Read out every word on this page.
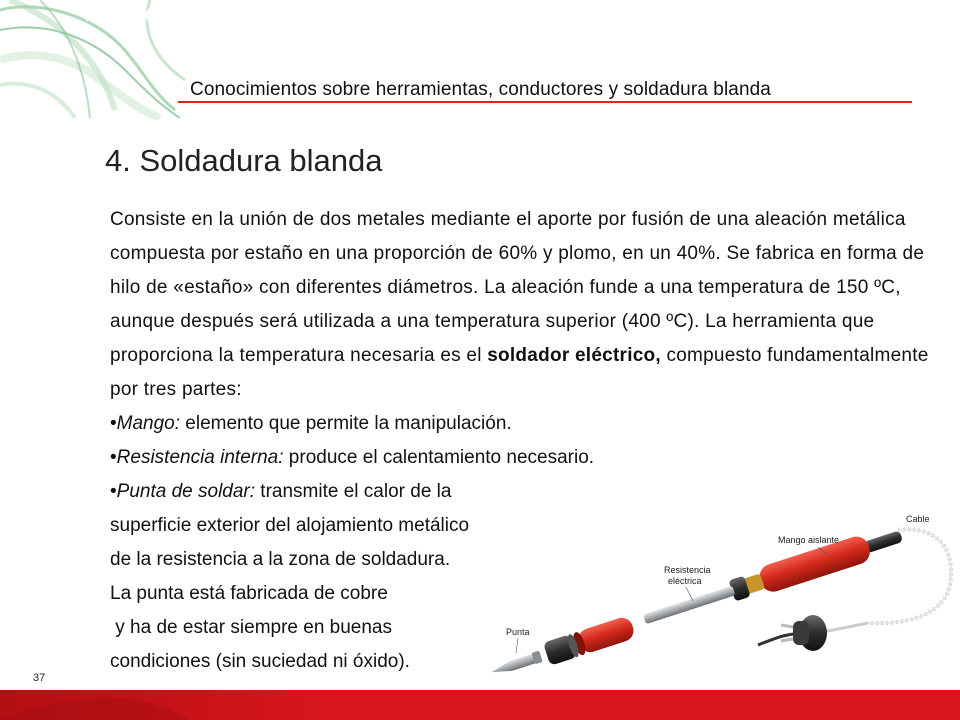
Conocimientos sobre herramientas, conductores y soldadura blanda
4. Soldadura blanda

Consiste en la unión de dos metales mediante el aporte por fusión de una aleación metálica compuesta por estaño en una proporción de 60% y plomo, en un 40%. Se fabrica en forma de hilo de «estaño» con diferentes diámetros. La aleación funde a una temperatura de 150 ºC, aunque después será utilizada a una temperatura superior (400 ºC). La herramienta que proporciona la temperatura necesaria es el soldador eléctrico, compuesto fundamentalmente por tres partes:

•Mango: elemento que permite la manipulación.

•Resistencia interna: produce el calentamiento necesario.

•Punta de soldar: transmite el calor de la

superficie exterior del alojamiento metálico

de la resistencia a la zona de soldadura.

La punta está fabricada de cobre

y ha de estar siempre en buenas

condiciones (sin suciedad ni óxido).

Cable
Mango aislante
Resistencia
eléctrica
Punta
37
The McGraw·Hill Companies
